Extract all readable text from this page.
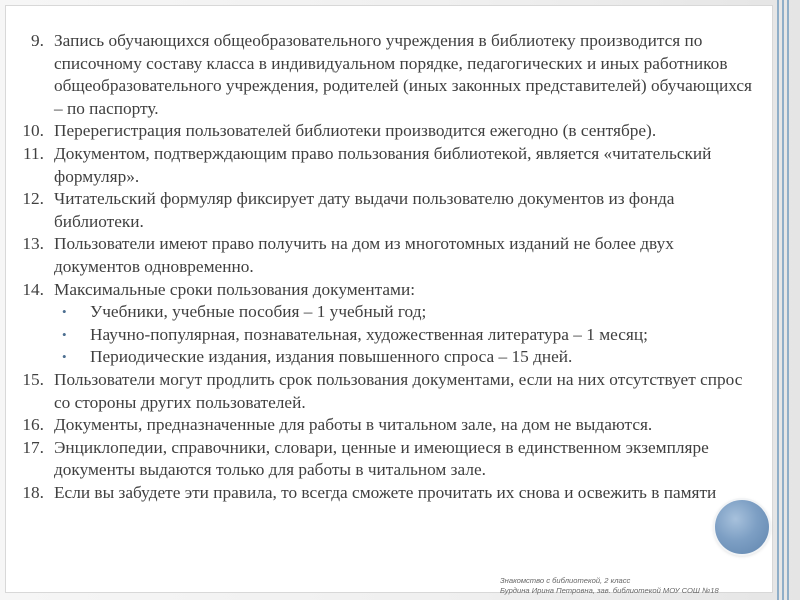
9. Запись обучающихся общеобразовательного учреждения в библиотеку производится по списочному составу класса в индивидуальном порядке, педагогических и иных работников общеобразовательного учреждения, родителей (иных законных представителей) обучающихся – по паспорту.
10. Перерегистрация пользователей библиотеки производится ежегодно (в сентябре).
11. Документом, подтверждающим право пользования библиотекой, является «читательский формуляр».
12. Читательский формуляр фиксирует дату выдачи пользователю документов из фонда библиотеки.
13. Пользователи имеют право получить на дом из многотомных изданий не более двух документов одновременно.
14. Максимальные сроки пользования документами:
• Учебники, учебные пособия – 1 учебный год;
• Научно-популярная, познавательная, художественная литература – 1 месяц;
• Периодические издания, издания повышенного спроса – 15 дней.
15. Пользователи могут продлить срок пользования документами, если на них отсутствует спрос со стороны других пользователей.
16. Документы, предназначенные для работы в читальном зале, на дом не выдаются.
17. Энциклопедии, справочники, словари, ценные и имеющиеся в единственном экземпляре документы выдаются только для работы в читальном зале.
18. Если вы забудете эти правила, то всегда сможете прочитать их снова и освежить в памяти
Знакомство с библиотекой, 2 класс
Бурдина Ирина Петровна, зав. библиотекой МОУ СОШ №18
